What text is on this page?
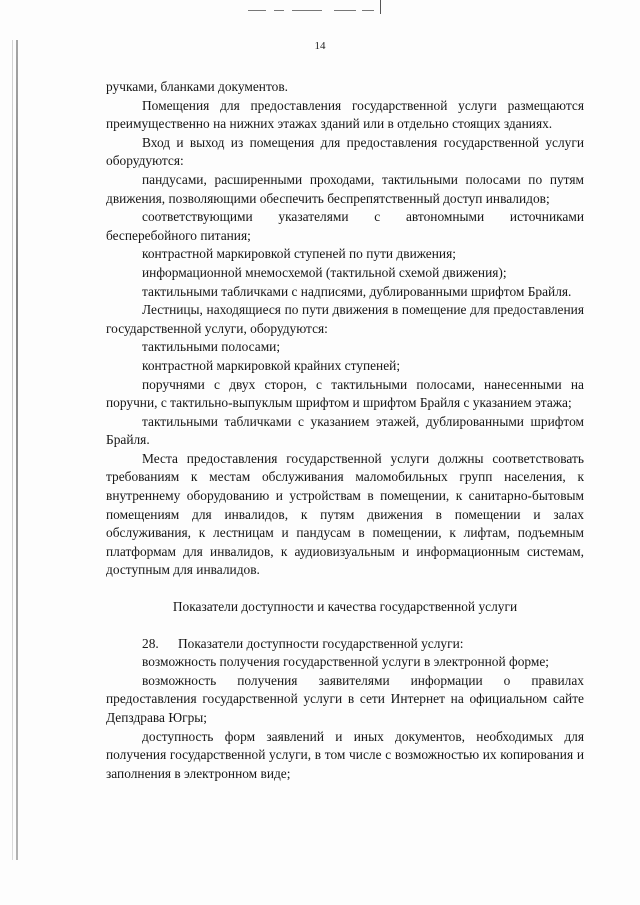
14

ручками, бланками документов.

Помещения для предоставления государственной услуги размещаются преимущественно на нижних этажах зданий или в отдельно стоящих зданиях.

Вход и выход из помещения для предоставления государственной услуги оборудуются:

пандусами, расширенными проходами, тактильными полосами по путям движения, позволяющими обеспечить беспрепятственный доступ инвалидов;

соответствующими указателями с автономными источниками бесперебойного питания;

контрастной маркировкой ступеней по пути движения;

информационной мнемосхемой (тактильной схемой движения);

тактильными табличками с надписями, дублированными шрифтом Брайля.

Лестницы, находящиеся по пути движения в помещение для предоставления государственной услуги, оборудуются:

тактильными полосами;

контрастной маркировкой крайних ступеней;

поручнями с двух сторон, с тактильными полосами, нанесенными на поручни, с тактильно-выпуклым шрифтом и шрифтом Брайля с указанием этажа;

тактильными табличками с указанием этажей, дублированными шрифтом Брайля.

Места предоставления государственной услуги должны соответствовать требованиям к местам обслуживания маломобильных групп населения, к внутреннему оборудованию и устройствам в помещении, к санитарно-бытовым помещениям для инвалидов, к путям движения в помещении и залах обслуживания, к лестницам и пандусам в помещении, к лифтам, подъемным платформам для инвалидов, к аудиовизуальным и информационным системам, доступным для инвалидов.

Показатели доступности и качества государственной услуги

28. Показатели доступности государственной услуги:

возможность получения государственной услуги в электронной форме;

возможность получения заявителями информации о правилах предоставления государственной услуги в сети Интернет на официальном сайте Депздрава Югры;

доступность форм заявлений и иных документов, необходимых для получения государственной услуги, в том числе с возможностью их копирования и заполнения в электронном виде;
